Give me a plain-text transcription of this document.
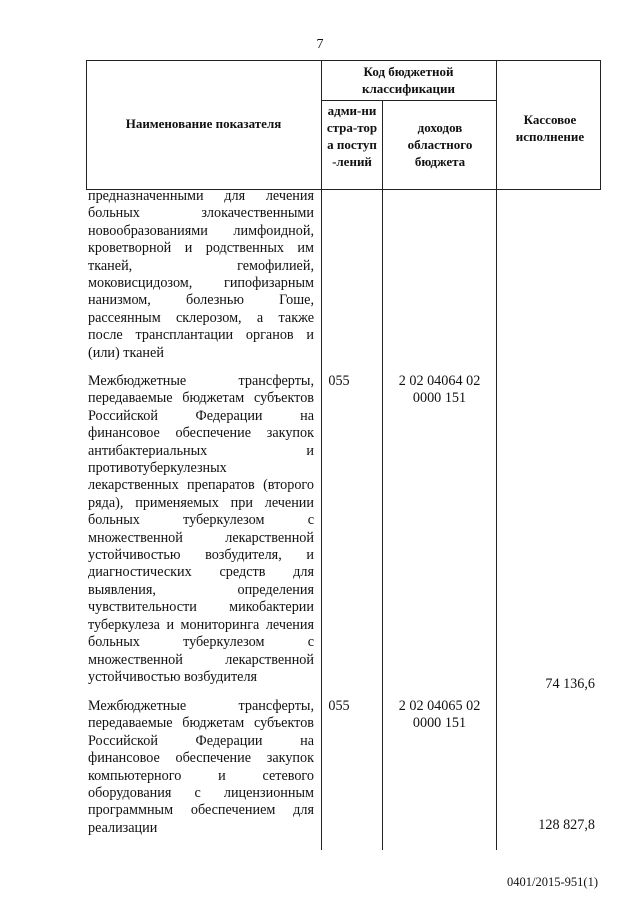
7
Наименование показателя
Код бюджетной классификации
адми-нистра-тора поступ-лений
доходов областного бюджета
Кассовое исполнение
предназначенными для лечения больных злокачественными новообразованиями лимфоидной, кроветворной и родственных им тканей, гемофилией, моковисцидозом, гипофизарным нанизмом, болезнью Гоше, рассеянным склерозом, а также после трансплантации органов и (или) тканей
Межбюджетные трансферты, передаваемые бюджетам субъектов Российской Федерации на финансовое обеспечение закупок антибактериальных и противотуберкулезных лекарственных препаратов (второго ряда), применяемых при лечении больных туберкулезом с множественной лекарственной устойчивостью возбудителя, и диагностических средств для выявления, определения чувствительности микобактерии туберкулеза и мониторинга лечения больных туберкулезом с множественной лекарственной устойчивостью возбудителя
055	2 02 04064 02 0000 151
74 136,6
Межбюджетные трансферты, передаваемые бюджетам субъектов Российской Федерации на финансовое обеспечение закупок компьютерного и сетевого оборудования с лицензионным программным обеспечением для реализации
055	2 02 04065 02 0000 151
128 827,8
0401/2015-951(1)
